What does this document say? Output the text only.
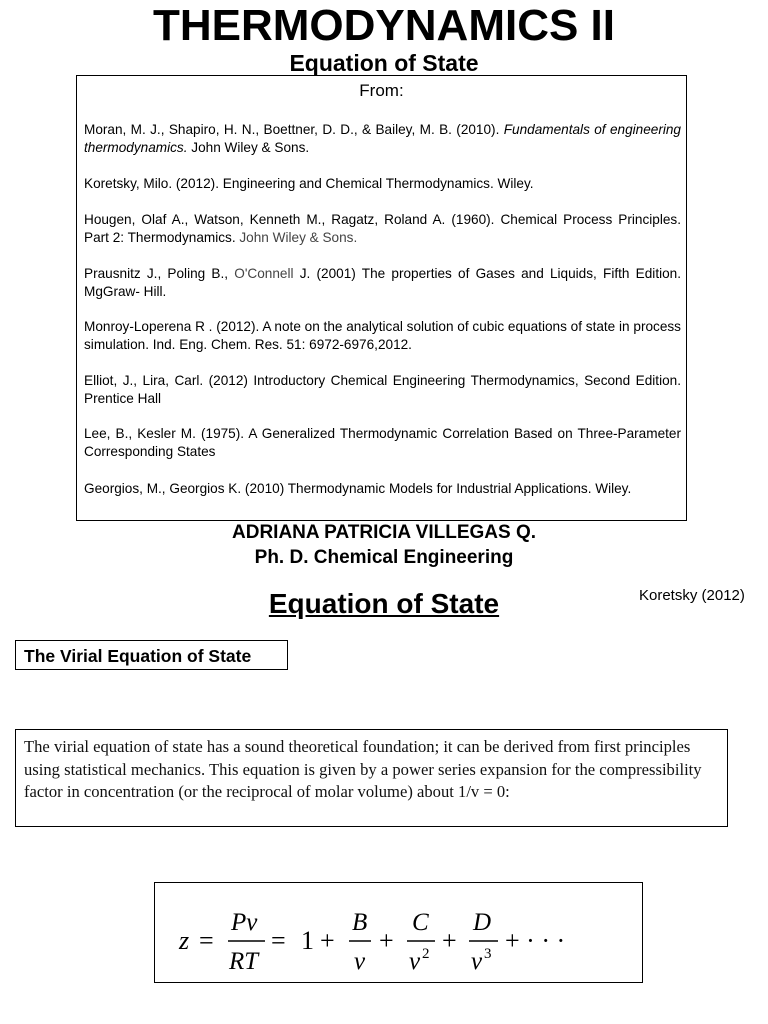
THERMODYNAMICS II
Equation of State
From:
Moran, M. J., Shapiro, H. N., Boettner, D. D., & Bailey, M. B. (2010). Fundamentals of engineering thermodynamics. John Wiley & Sons.
Koretsky, Milo. (2012). Engineering and Chemical Thermodynamics. Wiley.
Hougen, Olaf A., Watson, Kenneth M., Ragatz, Roland A. (1960). Chemical Process Principles. Part 2: Thermodynamics. John Wiley & Sons.
Prausnitz J., Poling B., O'Connell J. (2001) The properties of Gases and Liquids, Fifth Edition. MgGraw- Hill.
Monroy-Loperena R . (2012). A note on the analytical solution of cubic equations of state in process simulation. Ind. Eng. Chem. Res. 51: 6972-6976,2012.
Elliot, J., Lira, Carl. (2012) Introductory Chemical Engineering Thermodynamics, Second Edition. Prentice Hall
Lee, B., Kesler M. (1975). A Generalized Thermodynamic Correlation Based on Three-Parameter Corresponding States
Georgios, M., Georgios K. (2010) Thermodynamic Models for Industrial Applications. Wiley.
ADRIANA PATRICIA VILLEGAS Q.
Ph. D. Chemical Engineering
Equation of State	Koretsky (2012)
The Virial Equation of State
The virial equation of state has a sound theoretical foundation; it can be derived from first principles using statistical mechanics. This equation is given by a power series expansion for the compressibility factor in concentration (or the reciprocal of molar volume) about 1/v = 0:
z =
Pv
RT
= 1 +
B
v
+
C
v 2 +
D
v 3 + · · ·
